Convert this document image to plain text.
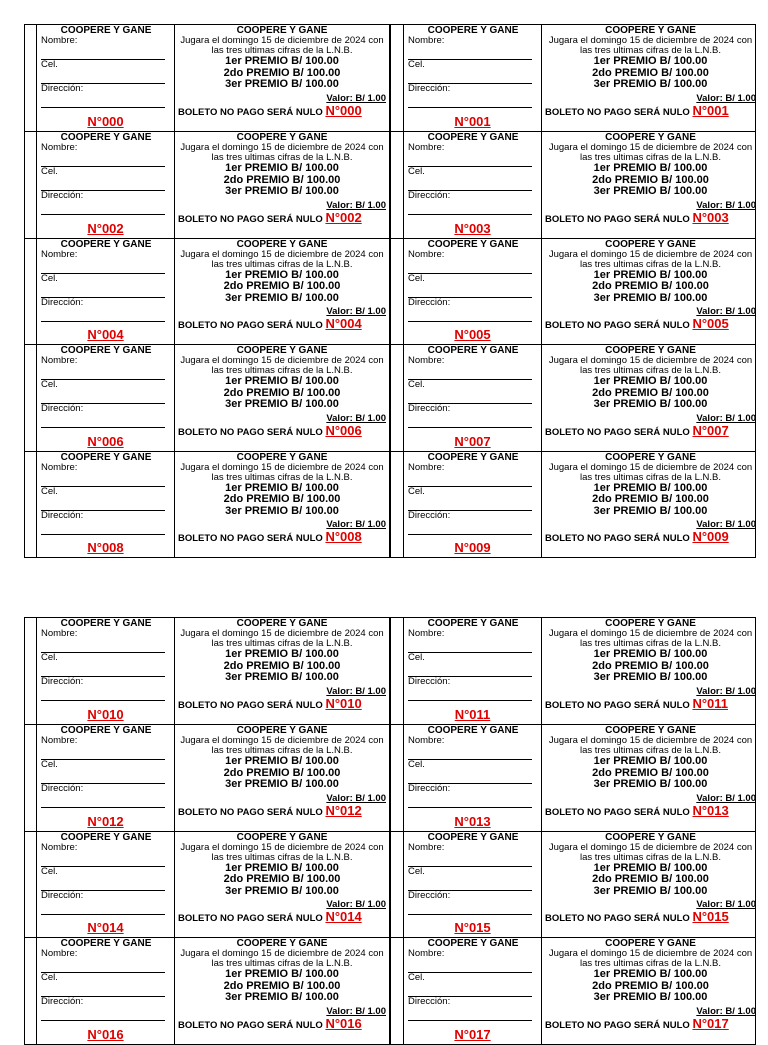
COOPERE Y GANE
Nombre:
Cel.
Dirección:
N°000
COOPERE Y GANE
Jugara el domingo 15 de diciembre de 2024 con las tres ultimas cifras de la L.N.B.
1er PREMIO B/ 100.00
2do PREMIO B/ 100.00
3er PREMIO B/ 100.00
Valor: B/ 1.00
BOLETO NO PAGO SERÁ NULO N°000
COOPERE Y GANE
Nombre:
Cel.
Dirección:
N°001
COOPERE Y GANE
Jugara el domingo 15 de diciembre de 2024 con las tres ultimas cifras de la L.N.B.
1er PREMIO B/ 100.00
2do PREMIO B/ 100.00
3er PREMIO B/ 100.00
Valor: B/ 1.00
BOLETO NO PAGO SERÁ NULO N°001
COOPERE Y GANE
Nombre:
Cel.
Dirección:
N°002
COOPERE Y GANE
Jugara el domingo 15 de diciembre de 2024 con las tres ultimas cifras de la L.N.B.
1er PREMIO B/ 100.00
2do PREMIO B/ 100.00
3er PREMIO B/ 100.00
Valor: B/ 1.00
BOLETO NO PAGO SERÁ NULO N°002
COOPERE Y GANE
Nombre:
Cel.
Dirección:
N°003
COOPERE Y GANE
Jugara el domingo 15 de diciembre de 2024 con las tres ultimas cifras de la L.N.B.
1er PREMIO B/ 100.00
2do PREMIO B/ 100.00
3er PREMIO B/ 100.00
Valor: B/ 1.00
BOLETO NO PAGO SERÁ NULO N°003
COOPERE Y GANE
Nombre:
Cel.
Dirección:
N°004
COOPERE Y GANE
Jugara el domingo 15 de diciembre de 2024 con las tres ultimas cifras de la L.N.B.
1er PREMIO B/ 100.00
2do PREMIO B/ 100.00
3er PREMIO B/ 100.00
Valor: B/ 1.00
BOLETO NO PAGO SERÁ NULO N°004
COOPERE Y GANE
Nombre:
Cel.
Dirección:
N°005
COOPERE Y GANE
Jugara el domingo 15 de diciembre de 2024 con las tres ultimas cifras de la L.N.B.
1er PREMIO B/ 100.00
2do PREMIO B/ 100.00
3er PREMIO B/ 100.00
Valor: B/ 1.00
BOLETO NO PAGO SERÁ NULO N°005
COOPERE Y GANE
Nombre:
Cel.
Dirección:
N°006
COOPERE Y GANE
Jugara el domingo 15 de diciembre de 2024 con las tres ultimas cifras de la L.N.B.
1er PREMIO B/ 100.00
2do PREMIO B/ 100.00
3er PREMIO B/ 100.00
Valor: B/ 1.00
BOLETO NO PAGO SERÁ NULO N°006
COOPERE Y GANE
Nombre:
Cel.
Dirección:
N°007
COOPERE Y GANE
Jugara el domingo 15 de diciembre de 2024 con las tres ultimas cifras de la L.N.B.
1er PREMIO B/ 100.00
2do PREMIO B/ 100.00
3er PREMIO B/ 100.00
Valor: B/ 1.00
BOLETO NO PAGO SERÁ NULO N°007
COOPERE Y GANE
Nombre:
Cel.
Dirección:
N°008
COOPERE Y GANE
Jugara el domingo 15 de diciembre de 2024 con las tres ultimas cifras de la L.N.B.
1er PREMIO B/ 100.00
2do PREMIO B/ 100.00
3er PREMIO B/ 100.00
Valor: B/ 1.00
BOLETO NO PAGO SERÁ NULO N°008
COOPERE Y GANE
Nombre:
Cel.
Dirección:
N°009
COOPERE Y GANE
Jugara el domingo 15 de diciembre de 2024 con las tres ultimas cifras de la L.N.B.
1er PREMIO B/ 100.00
2do PREMIO B/ 100.00
3er PREMIO B/ 100.00
Valor: B/ 1.00
BOLETO NO PAGO SERÁ NULO N°009
COOPERE Y GANE
Nombre:
Cel.
Dirección:
N°010
COOPERE Y GANE
Jugara el domingo 15 de diciembre de 2024 con las tres ultimas cifras de la L.N.B.
1er PREMIO B/ 100.00
2do PREMIO B/ 100.00
3er PREMIO B/ 100.00
Valor: B/ 1.00
BOLETO NO PAGO SERÁ NULO N°010
COOPERE Y GANE
Nombre:
Cel.
Dirección:
N°011
COOPERE Y GANE
Jugara el domingo 15 de diciembre de 2024 con las tres ultimas cifras de la L.N.B.
1er PREMIO B/ 100.00
2do PREMIO B/ 100.00
3er PREMIO B/ 100.00
Valor: B/ 1.00
BOLETO NO PAGO SERÁ NULO N°011
COOPERE Y GANE
Nombre:
Cel.
Dirección:
N°012
COOPERE Y GANE
Jugara el domingo 15 de diciembre de 2024 con las tres ultimas cifras de la L.N.B.
1er PREMIO B/ 100.00
2do PREMIO B/ 100.00
3er PREMIO B/ 100.00
Valor: B/ 1.00
BOLETO NO PAGO SERÁ NULO N°012
COOPERE Y GANE
Nombre:
Cel.
Dirección:
N°013
COOPERE Y GANE
Jugara el domingo 15 de diciembre de 2024 con las tres ultimas cifras de la L.N.B.
1er PREMIO B/ 100.00
2do PREMIO B/ 100.00
3er PREMIO B/ 100.00
Valor: B/ 1.00
BOLETO NO PAGO SERÁ NULO N°013
COOPERE Y GANE
Nombre:
Cel.
Dirección:
N°014
COOPERE Y GANE
Jugara el domingo 15 de diciembre de 2024 con las tres ultimas cifras de la L.N.B.
1er PREMIO B/ 100.00
2do PREMIO B/ 100.00
3er PREMIO B/ 100.00
Valor: B/ 1.00
BOLETO NO PAGO SERÁ NULO N°014
COOPERE Y GANE
Nombre:
Cel.
Dirección:
N°015
COOPERE Y GANE
Jugara el domingo 15 de diciembre de 2024 con las tres ultimas cifras de la L.N.B.
1er PREMIO B/ 100.00
2do PREMIO B/ 100.00
3er PREMIO B/ 100.00
Valor: B/ 1.00
BOLETO NO PAGO SERÁ NULO N°015
COOPERE Y GANE
Nombre:
Cel.
Dirección:
N°016
COOPERE Y GANE
Jugara el domingo 15 de diciembre de 2024 con las tres ultimas cifras de la L.N.B.
1er PREMIO B/ 100.00
2do PREMIO B/ 100.00
3er PREMIO B/ 100.00
Valor: B/ 1.00
BOLETO NO PAGO SERÁ NULO N°016
COOPERE Y GANE
Nombre:
Cel.
Dirección:
N°017
COOPERE Y GANE
Jugara el domingo 15 de diciembre de 2024 con las tres ultimas cifras de la L.N.B.
1er PREMIO B/ 100.00
2do PREMIO B/ 100.00
3er PREMIO B/ 100.00
Valor: B/ 1.00
BOLETO NO PAGO SERÁ NULO N°017
